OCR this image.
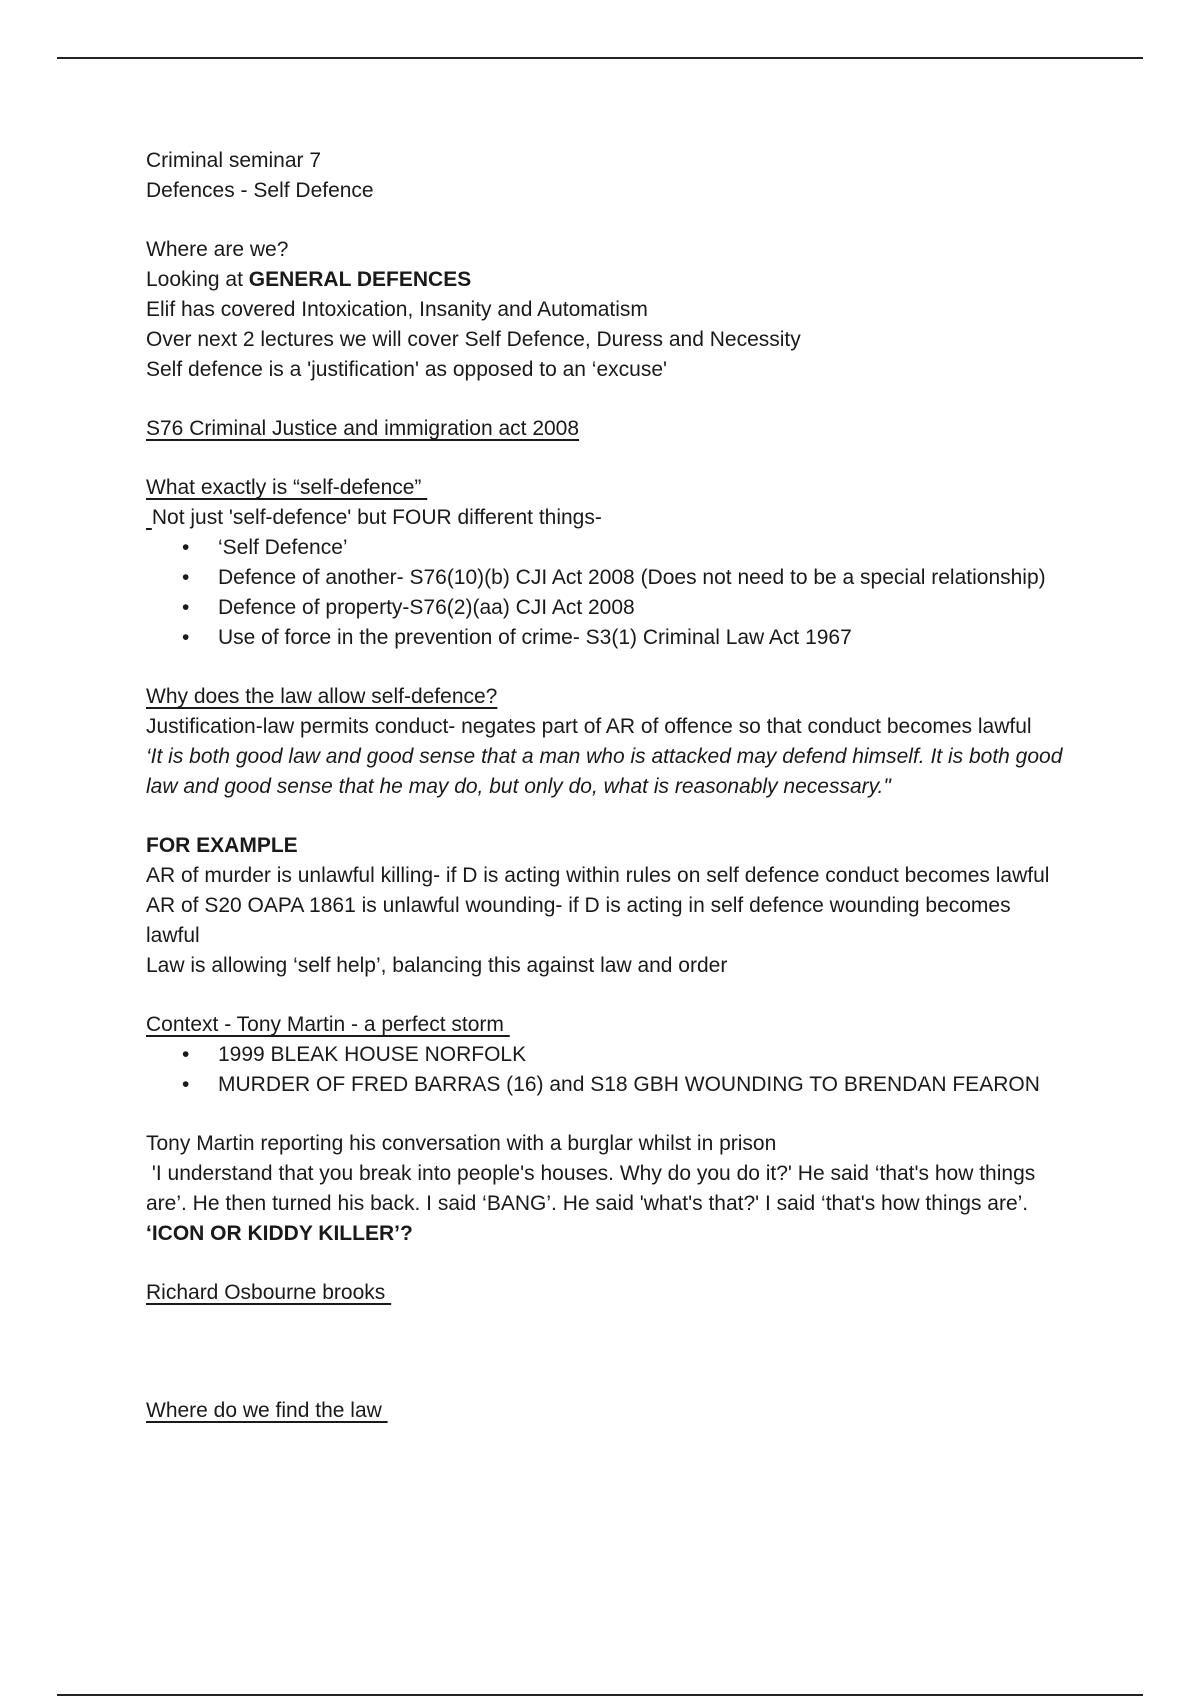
Criminal seminar 7

Defences - Self Defence

Where are we?

Looking at GENERAL DEFENCES

Elif has covered Intoxication, Insanity and Automatism

Over next 2 lectures we will cover Self Defence, Duress and Necessity

Self defence is a 'justification' as opposed to an ‘excuse'

S76 Criminal Justice and immigration act 2008

What exactly is “self-defence”

Not just 'self-defence' but FOUR different things-

• ‘Self Defence’
• Defence of another- S76(10)(b) CJI Act 2008 (Does not need to be a special relationship)
• Defence of property-S76(2)(aa) CJI Act 2008
• Use of force in the prevention of crime- S3(1) Criminal Law Act 1967

Why does the law allow self-defence?

Justification-law permits conduct- negates part of AR of offence so that conduct becomes lawful

‘It is both good law and good sense that a man who is attacked may defend himself. It is both good law and good sense that he may do, but only do, what is reasonably necessary."

FOR EXAMPLE

AR of murder is unlawful killing- if D is acting within rules on self defence conduct becomes lawful

AR of S20 OAPA 1861 is unlawful wounding- if D is acting in self defence wounding becomes lawful

Law is allowing ‘self help’, balancing this against law and order

Context - Tony Martin - a perfect storm

• 1999 BLEAK HOUSE NORFOLK
• MURDER OF FRED BARRAS (16) and S18 GBH WOUNDING TO BRENDAN FEARON

Tony Martin reporting his conversation with a burglar whilst in prison

'I understand that you break into people's houses. Why do you do it?' He said ‘that's how things are’. He then turned his back. I said ‘BANG’. He said 'what's that?' I said ‘that's how things are’.

‘ICON OR KIDDY KILLER’?

Richard Osbourne brooks

Where do we find the law
